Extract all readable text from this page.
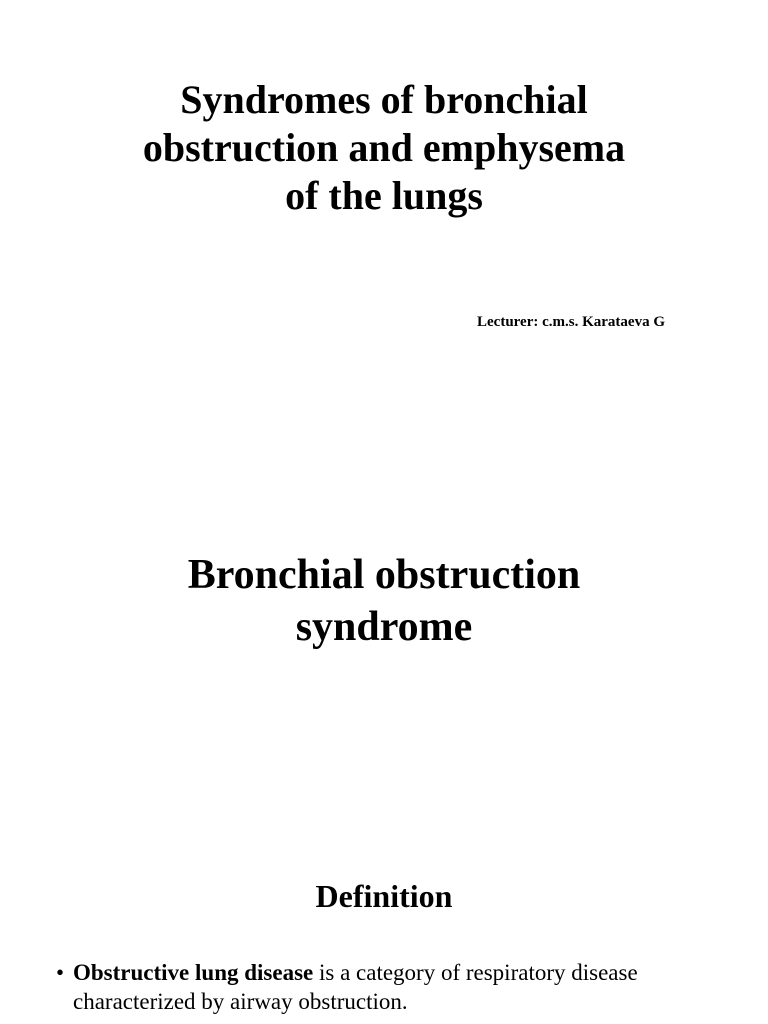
Syndromes of bronchial
obstruction and emphysema
of the lungs

Lecturer: c.m.s. Karataeva G

Bronchial obstruction
syndrome
Definition
• Obstructive lung disease is a category of respiratory disease
characterized by airway obstruction.
